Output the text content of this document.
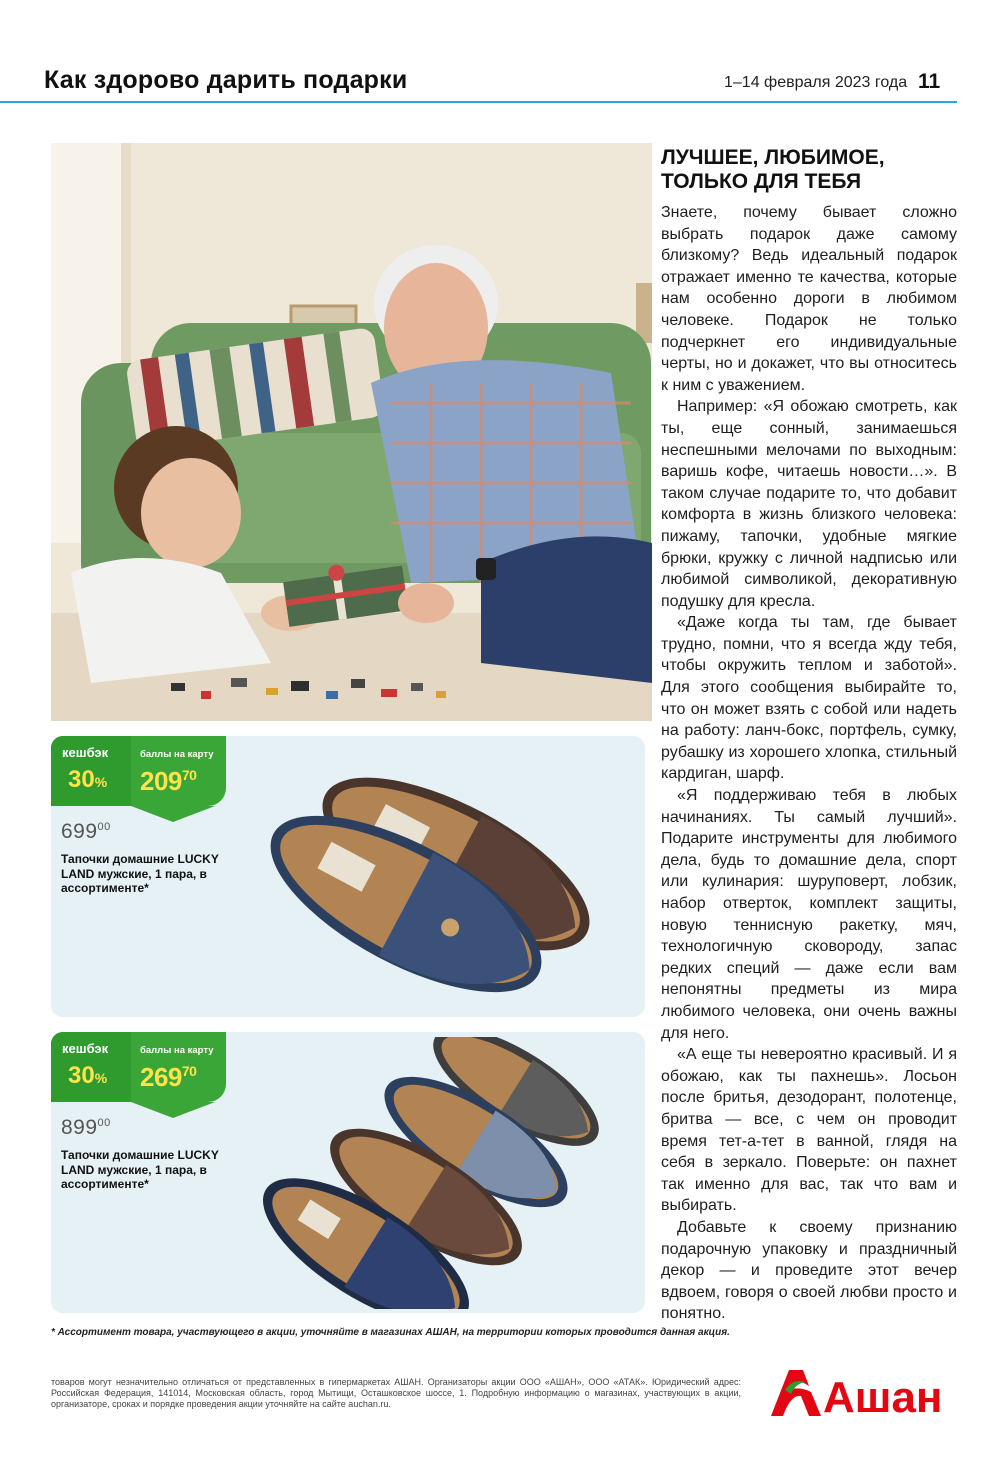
Как здорово дарить подарки	1–14 февраля 2023 года 11
ЛУЧШЕЕ, ЛЮБИМОЕ, ТОЛЬКО ДЛЯ ТЕБЯ

Знаете, почему бывает сложно выбрать подарок даже самому близкому? Ведь идеальный подарок отражает именно те качества, которые нам особенно дороги в любимом человеке. Подарок не только подчеркнет его индивидуальные черты, но и докажет, что вы относитесь к ним с уважением.

Например: «Я обожаю смотреть, как ты, еще сонный, занимаешься неспешными мелочами по выходным: варишь кофе, читаешь новости…». В таком случае подарите то, что добавит комфорта в жизнь близкого человека: пижаму, тапочки, удобные мягкие брюки, кружку с личной надписью или любимой символикой, декоративную подушку для кресла.

«Даже когда ты там, где бывает трудно, помни, что я всегда жду тебя, чтобы окружить теплом и заботой». Для этого сообщения выбирайте то, что он может взять с собой или надеть на работу: ланч-бокс, портфель, сумку, рубашку из хорошего хлопка, стильный кардиган, шарф.

«Я поддерживаю тебя в любых начинаниях. Ты самый лучший». Подарите инструменты для любимого дела, будь то домашние дела, спорт или кулинария: шуруповерт, лобзик, набор отверток, комплект защиты, новую теннисную ракетку, мяч, технологичную сковороду, запас редких специй — даже если вам непонятны предметы из мира любимого человека, они очень важны для него.

«А еще ты невероятно красивый. И я обожаю, как ты пахнешь». Лосьон после бритья, дезодорант, полотенце, бритва — все, с чем он проводит время тет-а-тет в ванной, глядя на себя в зеркало. Поверьте: он пахнет так именно для вас, так что вам и выбирать.

Добавьте к своему признанию подарочную упаковку и праздничный декор — и проведите этот вечер вдвоем, говоря о своей любви просто и понятно.

кешбэк
30%
баллы на карту
$209^{70}$
$699^{00}$
Тапочки домашние LUCKY LAND мужские, 1 пара, в ассортименте*
кешбэк
30%
баллы на карту
$269^{70}$
$899^{00}$
Тапочки домашние LUCKY LAND мужские, 1 пара, в ассортименте*
* Ассортимент товара, участвующего в акции, уточняйте в магазинах АШАН, на территории которых проводится данная акция.
товаров могут незначительно отличаться от представленных в гипермаркетах АШАН. Организаторы акции ООО «АШАН», ООО «АТАК». Юридический адрес: Российская Федерация, 141014, Московская область, город Мытищи, Осташковское шоссе, 1. Подробную информацию о магазинах, участвующих в акции, организаторе, сроках и порядке проведения акции уточняйте на сайте auchan.ru.	Ашан
